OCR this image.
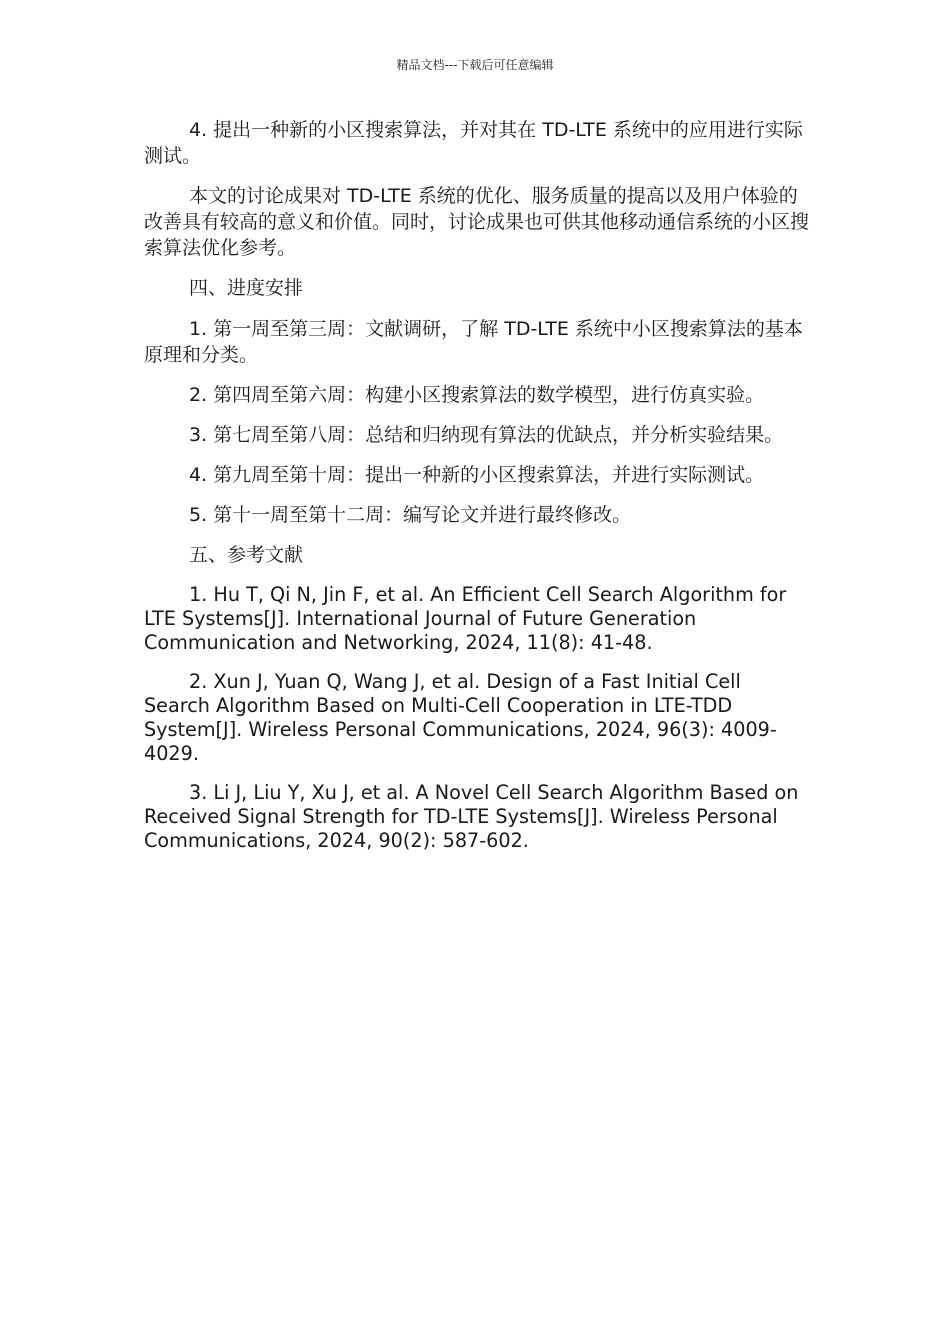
精品文档---下载后可任意编辑

4. 提出一种新的小区搜索算法，并对其在 TD-LTE 系统中的应用进行实际测试。

本文的讨论成果对 TD-LTE 系统的优化、服务质量的提高以及用户体验的改善具有较高的意义和价值。同时，讨论成果也可供其他移动通信系统的小区搜索算法优化参考。

四、进度安排

1. 第一周至第三周：文献调研，了解 TD-LTE 系统中小区搜索算法的基本原理和分类。

2. 第四周至第六周：构建小区搜索算法的数学模型，进行仿真实验。

3. 第七周至第八周：总结和归纳现有算法的优缺点，并分析实验结果。

4. 第九周至第十周：提出一种新的小区搜索算法，并进行实际测试。

5. 第十一周至第十二周：编写论文并进行最终修改。

五、参考文献

1. Hu T, Qi N, Jin F, et al. An Efficient Cell Search Algorithm for LTE Systems[J]. International Journal of Future Generation Communication and Networking, 2024, 11(8): 41-48.

2. Xun J, Yuan Q, Wang J, et al. Design of a Fast Initial Cell Search Algorithm Based on Multi-Cell Cooperation in LTE-TDD System[J]. Wireless Personal Communications, 2024, 96(3): 4009-4029.

3. Li J, Liu Y, Xu J, et al. A Novel Cell Search Algorithm Based on Received Signal Strength for TD-LTE Systems[J]. Wireless Personal Communications, 2024, 90(2): 587-602.
